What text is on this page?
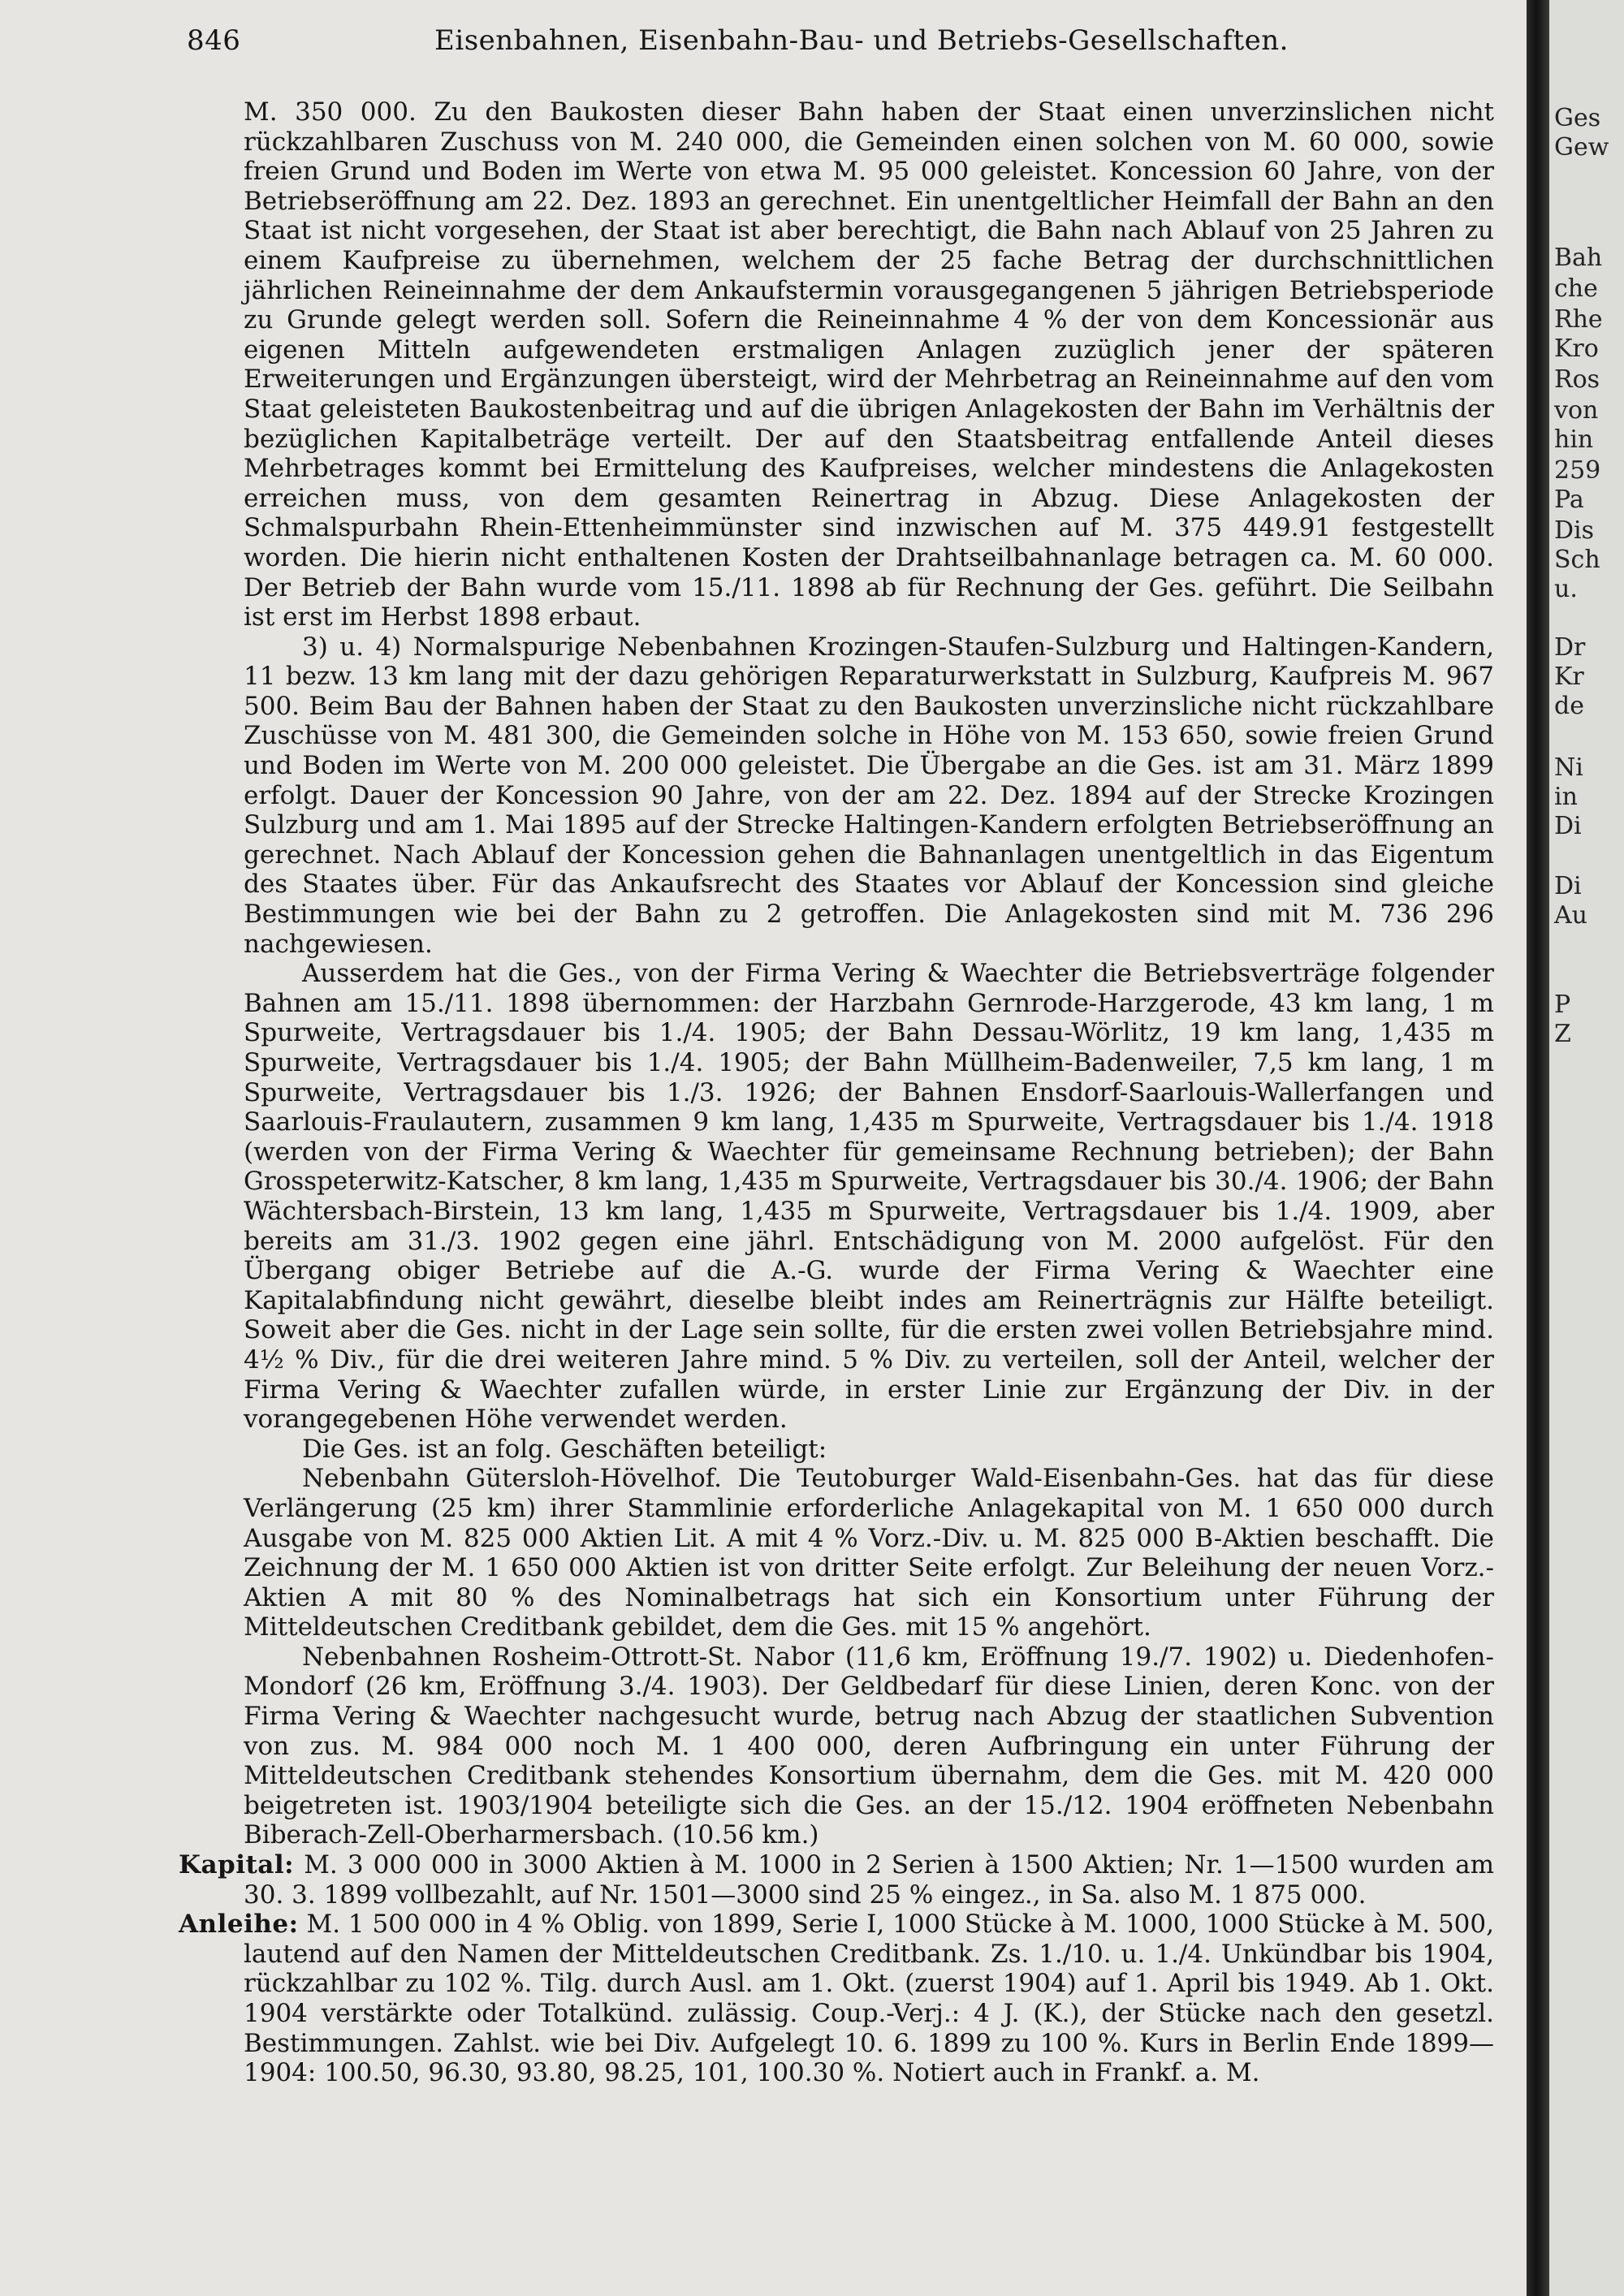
846	Eisenbahnen, Eisenbahn-Bau- und Betriebs-Gesellschaften.

M. 350 000. Zu den Baukosten dieser Bahn haben der Staat einen unverzinslichen nicht rückzahlbaren Zuschuss von M. 240 000, die Gemeinden einen solchen von M. 60 000, sowie freien Grund und Boden im Werte von etwa M. 95 000 geleistet. Koncession 60 Jahre, von der Betriebseröffnung am 22. Dez. 1893 an gerechnet. Ein unentgeltlicher Heimfall der Bahn an den Staat ist nicht vorgesehen, der Staat ist aber berechtigt, die Bahn nach Ablauf von 25 Jahren zu einem Kaufpreise zu übernehmen, welchem der 25 fache Betrag der durchschnittlichen jährlichen Reineinnahme der dem Ankaufstermin vorausgegangenen 5 jährigen Betriebsperiode zu Grunde gelegt werden soll. Sofern die Reineinnahme 4 % der von dem Koncessionär aus eigenen Mitteln aufgewendeten erstmaligen Anlagen zuzüglich jener der späteren Erweiterungen und Ergänzungen übersteigt, wird der Mehrbetrag an Reineinnahme auf den vom Staat geleisteten Baukostenbeitrag und auf die übrigen Anlagekosten der Bahn im Verhältnis der bezüglichen Kapitalbeträge verteilt. Der auf den Staatsbeitrag entfallende Anteil dieses Mehrbetrages kommt bei Ermittelung des Kaufpreises, welcher mindestens die Anlagekosten erreichen muss, von dem gesamten Reinertrag in Abzug. Diese Anlagekosten der Schmalspurbahn Rhein-Ettenheimmünster sind inzwischen auf M. 375 449.91 festgestellt worden. Die hierin nicht enthaltenen Kosten der Drahtseilbahnanlage betragen ca. M. 60 000. Der Betrieb der Bahn wurde vom 15./11. 1898 ab für Rechnung der Ges. geführt. Die Seilbahn ist erst im Herbst 1898 erbaut.

3) u. 4) Normalspurige Nebenbahnen Krozingen-Staufen-Sulzburg und Haltingen-Kandern, 11 bezw. 13 km lang mit der dazu gehörigen Reparaturwerkstatt in Sulzburg, Kaufpreis M. 967 500. Beim Bau der Bahnen haben der Staat zu den Baukosten unverzinsliche nicht rückzahlbare Zuschüsse von M. 481 300, die Gemeinden solche in Höhe von M. 153 650, sowie freien Grund und Boden im Werte von M. 200 000 geleistet. Die Übergabe an die Ges. ist am 31. März 1899 erfolgt. Dauer der Koncession 90 Jahre, von der am 22. Dez. 1894 auf der Strecke Krozingen Sulzburg und am 1. Mai 1895 auf der Strecke Haltingen-Kandern erfolgten Betriebseröffnung an gerechnet. Nach Ablauf der Koncession gehen die Bahnanlagen unentgeltlich in das Eigentum des Staates über. Für das Ankaufsrecht des Staates vor Ablauf der Koncession sind gleiche Bestimmungen wie bei der Bahn zu 2 getroffen. Die Anlagekosten sind mit M. 736 296 nachgewiesen.

Ausserdem hat die Ges., von der Firma Vering & Waechter die Betriebsverträge folgender Bahnen am 15./11. 1898 übernommen: der Harzbahn Gernrode-Harzgerode, 43 km lang, 1 m Spurweite, Vertragsdauer bis 1./4. 1905; der Bahn Dessau-Wörlitz, 19 km lang, 1,435 m Spurweite, Vertragsdauer bis 1./4. 1905; der Bahn Müllheim-Badenweiler, 7,5 km lang, 1 m Spurweite, Vertragsdauer bis 1./3. 1926; der Bahnen Ensdorf-Saarlouis-Wallerfangen und Saarlouis-Fraulautern, zusammen 9 km lang, 1,435 m Spurweite, Vertragsdauer bis 1./4. 1918 (werden von der Firma Vering & Waechter für gemeinsame Rechnung betrieben); der Bahn Grosspeterwitz-Katscher, 8 km lang, 1,435 m Spurweite, Vertragsdauer bis 30./4. 1906; der Bahn Wächtersbach-Birstein, 13 km lang, 1,435 m Spurweite, Vertragsdauer bis 1./4. 1909, aber bereits am 31./3. 1902 gegen eine jährl. Entschädigung von M. 2000 aufgelöst. Für den Übergang obiger Betriebe auf die A.-G. wurde der Firma Vering & Waechter eine Kapitalabfindung nicht gewährt, dieselbe bleibt indes am Reinerträgnis zur Hälfte beteiligt. Soweit aber die Ges. nicht in der Lage sein sollte, für die ersten zwei vollen Betriebsjahre mind. 4½ % Div., für die drei weiteren Jahre mind. 5 % Div. zu verteilen, soll der Anteil, welcher der Firma Vering & Waechter zufallen würde, in erster Linie zur Ergänzung der Div. in der vorangegebenen Höhe verwendet werden.

Die Ges. ist an folg. Geschäften beteiligt:

Nebenbahn Gütersloh-Hövelhof. Die Teutoburger Wald-Eisenbahn-Ges. hat das für diese Verlängerung (25 km) ihrer Stammlinie erforderliche Anlagekapital von M. 1 650 000 durch Ausgabe von M. 825 000 Aktien Lit. A mit 4 % Vorz.-Div. u. M. 825 000 B-Aktien beschafft. Die Zeichnung der M. 1 650 000 Aktien ist von dritter Seite erfolgt. Zur Beleihung der neuen Vorz.-Aktien A mit 80 % des Nominalbetrags hat sich ein Konsortium unter Führung der Mitteldeutschen Creditbank gebildet, dem die Ges. mit 15 % angehört.

Nebenbahnen Rosheim-Ottrott-St. Nabor (11,6 km, Eröffnung 19./7. 1902) u. Diedenhofen-Mondorf (26 km, Eröffnung 3./4. 1903). Der Geldbedarf für diese Linien, deren Konc. von der Firma Vering & Waechter nachgesucht wurde, betrug nach Abzug der staatlichen Subvention von zus. M. 984 000 noch M. 1 400 000, deren Aufbringung ein unter Führung der Mitteldeutschen Creditbank stehendes Konsortium übernahm, dem die Ges. mit M. 420 000 beigetreten ist. 1903/1904 beteiligte sich die Ges. an der 15./12. 1904 eröffneten Nebenbahn Biberach-Zell-Oberharmersbach. (10.56 km.)

Kapital: M. 3 000 000 in 3000 Aktien à M. 1000 in 2 Serien à 1500 Aktien; Nr. 1—1500 wurden am 30. 3. 1899 vollbezahlt, auf Nr. 1501—3000 sind 25 % eingez., in Sa. also M. 1 875 000.

Anleihe: M. 1 500 000 in 4 % Oblig. von 1899, Serie I, 1000 Stücke à M. 1000, 1000 Stücke à M. 500, lautend auf den Namen der Mitteldeutschen Creditbank. Zs. 1./10. u. 1./4. Unkündbar bis 1904, rückzahlbar zu 102 %. Tilg. durch Ausl. am 1. Okt. (zuerst 1904) auf 1. April bis 1949. Ab 1. Okt. 1904 verstärkte oder Totalkünd. zulässig. Coup.-Verj.: 4 J. (K.), der Stücke nach den gesetzl. Bestimmungen. Zahlst. wie bei Div. Aufgelegt 10. 6. 1899 zu 100 %. Kurs in Berlin Ende 1899—1904: 100.50, 96.30, 93.80, 98.25, 101, 100.30 %. Notiert auch in Frankf. a. M.

Ges
Gew
Bah
che
Rhe
Kro
Ros
von
hin
259
Pa
Dis
Sch
u.
Dr
Kr
de
Ni
in
Di
Di
Au
P
Z
